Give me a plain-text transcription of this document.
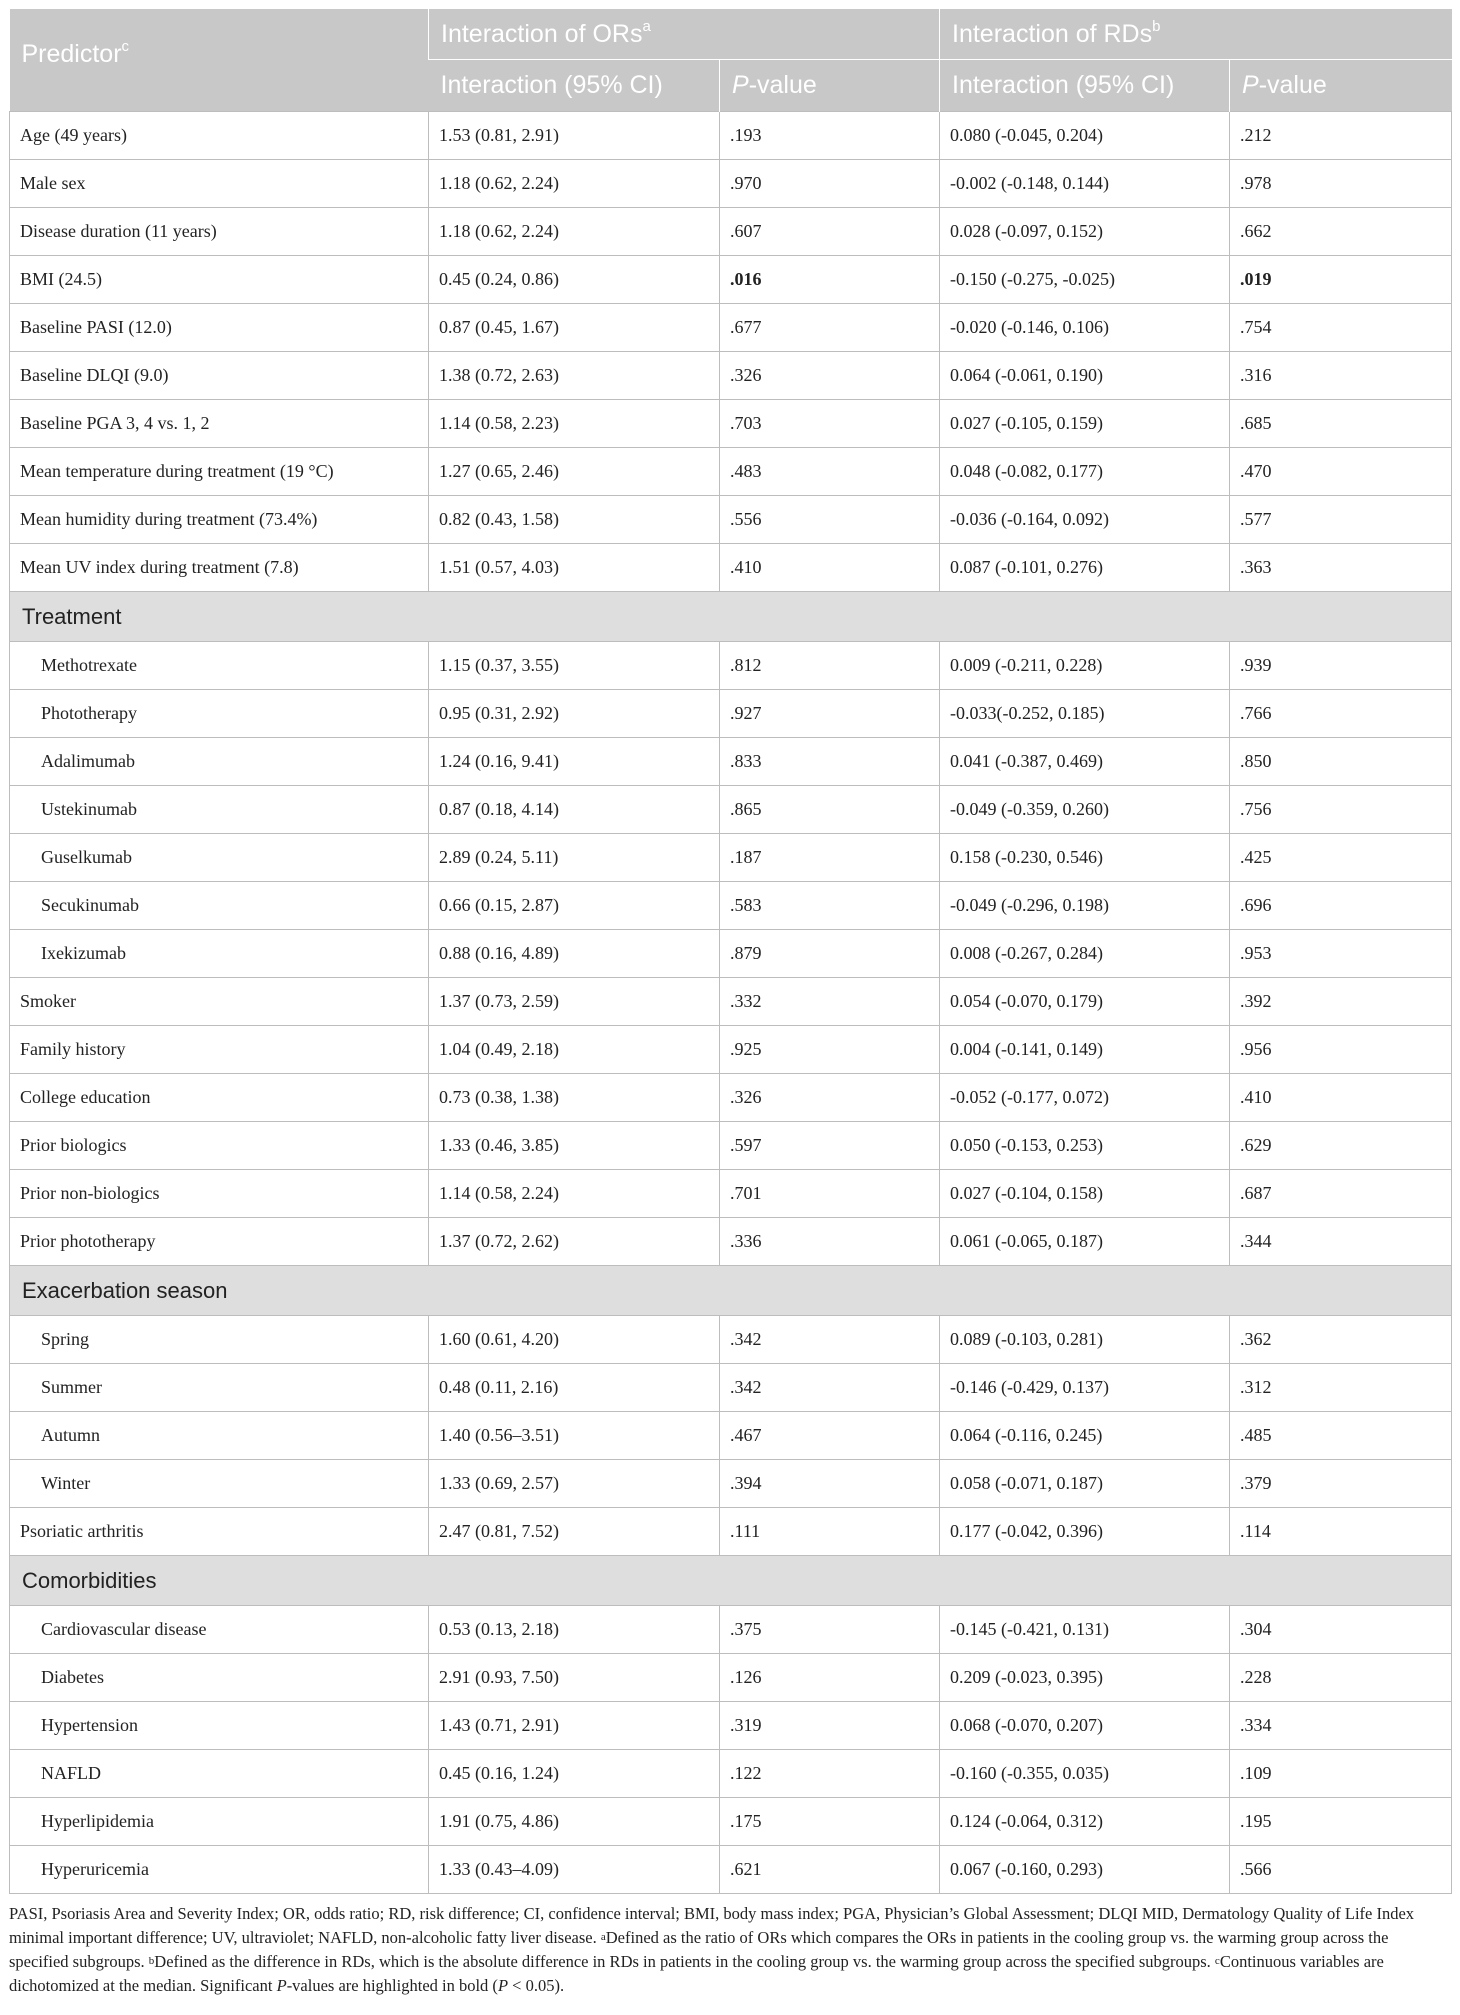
Predictor$^c$	Interaction of ORs$^a$		Interaction of RDs$^b$
	Interaction (95% CI)	P-value	Interaction (95% CI)	P-value
Age (49 years)	1.53 (0.81, 2.91)	.193	0.080 (-0.045, 0.204)	.212
Male sex	1.18 (0.62, 2.24)	.970	-0.002 (-0.148, 0.144)	.978
Disease duration (11 years)	1.18 (0.62, 2.24)	.607	0.028 (-0.097, 0.152)	.662
BMI (24.5)	0.45 (0.24, 0.86)	.016	-0.150 (-0.275, -0.025)	.019
Baseline PASI (12.0)	0.87 (0.45, 1.67)	.677	-0.020 (-0.146, 0.106)	.754
Baseline DLQI (9.0)	1.38 (0.72, 2.63)	.326	0.064 (-0.061, 0.190)	.316
Baseline PGA 3, 4 vs. 1, 2	1.14 (0.58, 2.23)	.703	0.027 (-0.105, 0.159)	.685
Mean temperature during treatment (19 °C)	1.27 (0.65, 2.46)	.483	0.048 (-0.082, 0.177)	.470
Mean humidity during treatment (73.4%)	0.82 (0.43, 1.58)	.556	-0.036 (-0.164, 0.092)	.577
Mean UV index during treatment (7.8)	1.51 (0.57, 4.03)	.410	0.087 (-0.101, 0.276)	.363
Treatment				
Methotrexate	1.15 (0.37, 3.55)	.812	0.009 (-0.211, 0.228)	.939
Phototherapy	0.95 (0.31, 2.92)	.927	-0.033(-0.252, 0.185)	.766
Adalimumab	1.24 (0.16, 9.41)	.833	0.041 (-0.387, 0.469)	.850
Ustekinumab	0.87 (0.18, 4.14)	.865	-0.049 (-0.359, 0.260)	.756
Guselkumab	2.89 (0.24, 5.11)	.187	0.158 (-0.230, 0.546)	.425
Secukinumab	0.66 (0.15, 2.87)	.583	-0.049 (-0.296, 0.198)	.696
Ixekizumab	0.88 (0.16, 4.89)	.879	0.008 (-0.267, 0.284)	.953
Smoker	1.37 (0.73, 2.59)	.332	0.054 (-0.070, 0.179)	.392
Family history	1.04 (0.49, 2.18)	.925	0.004 (-0.141, 0.149)	.956
College education	0.73 (0.38, 1.38)	.326	-0.052 (-0.177, 0.072)	.410
Prior biologics	1.33 (0.46, 3.85)	.597	0.050 (-0.153, 0.253)	.629
Prior non-biologics	1.14 (0.58, 2.24)	.701	0.027 (-0.104, 0.158)	.687
Prior phototherapy	1.37 (0.72, 2.62)	.336	0.061 (-0.065, 0.187)	.344
Exacerbation season				
Spring	1.60 (0.61, 4.20)	.342	0.089 (-0.103, 0.281)	.362
Summer	0.48 (0.11, 2.16)	.342	-0.146 (-0.429, 0.137)	.312
Autumn	1.40 (0.56–3.51)	.467	0.064 (-0.116, 0.245)	.485
Winter	1.33 (0.69, 2.57)	.394	0.058 (-0.071, 0.187)	.379
Psoriatic arthritis	2.47 (0.81, 7.52)	.111	0.177 (-0.042, 0.396)	.114
Comorbidities				
Cardiovascular disease	0.53 (0.13, 2.18)	.375	-0.145 (-0.421, 0.131)	.304
Diabetes	2.91 (0.93, 7.50)	.126	0.209 (-0.023, 0.395)	.228
Hypertension	1.43 (0.71, 2.91)	.319	0.068 (-0.070, 0.207)	.334
NAFLD	0.45 (0.16, 1.24)	.122	-0.160 (-0.355, 0.035)	.109
Hyperlipidemia	1.91 (0.75, 4.86)	.175	0.124 (-0.064, 0.312)	.195
Hyperuricemia	1.33 (0.43–4.09)	.621	0.067 (-0.160, 0.293)	.566
PASI, Psoriasis Area and Severity Index; OR, odds ratio; RD, risk difference; CI, confidence interval; BMI, body mass index; PGA, Physician’s Global Assessment; DLQI MID, Dermatology Quality of Life Index minimal important difference; UV, ultraviolet; NAFLD, non-alcoholic fatty liver disease. $^a$Defined as the ratio of ORs which compares the ORs in patients in the cooling group vs. the warming group across the specified subgroups. $^b$Defined as the difference in RDs, which is the absolute difference in RDs in patients in the cooling group vs. the warming group across the specified subgroups. $^c$Continuous variables are dichotomized at the median. Significant P-values are highlighted in bold (P < 0.05).
